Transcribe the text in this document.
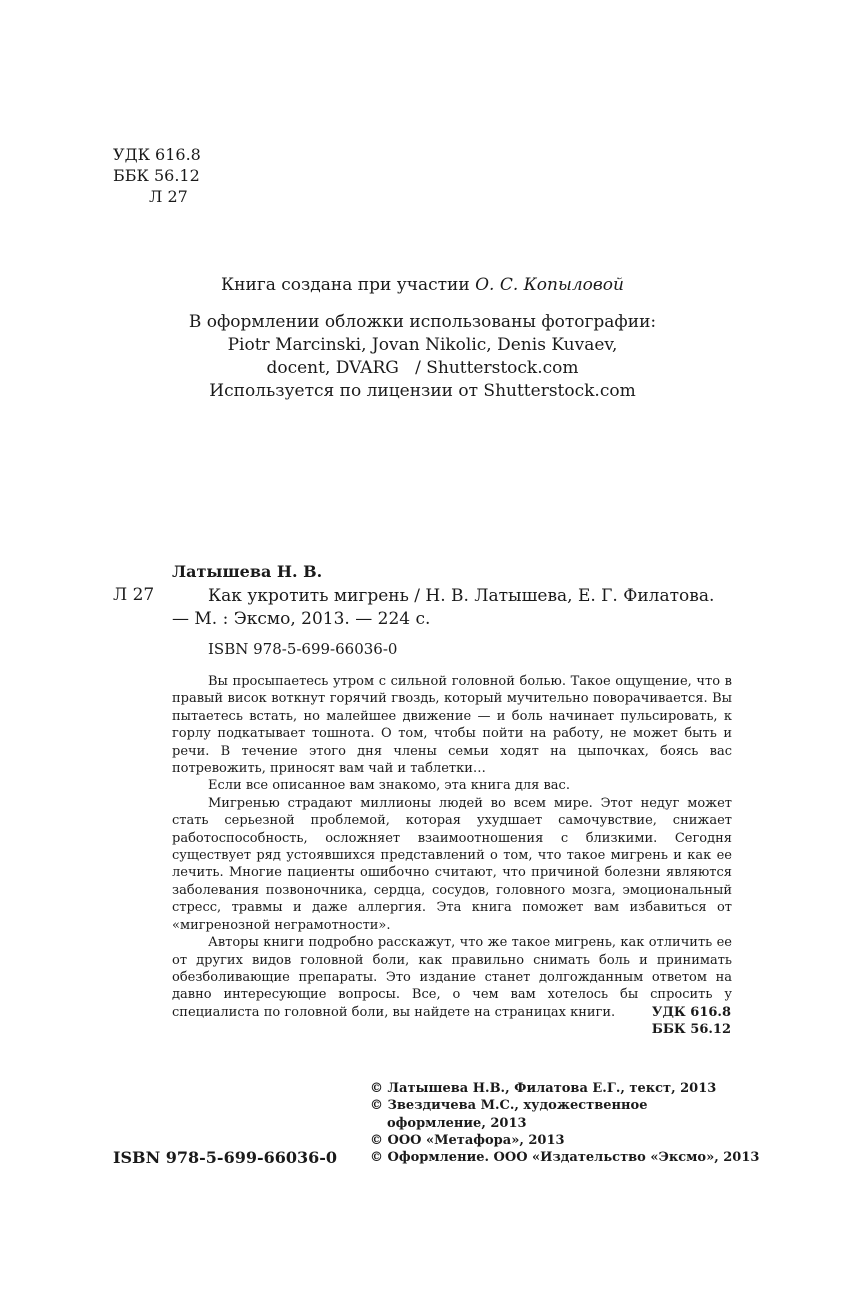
УДК 616.8
ББК 56.12
Л 27
Книга создана при участии О. С. Копыловой
В оформлении обложки использованы фотографии:
Piotr Marcinski, Jovan Nikolic, Denis Kuvaev,
docent, DVARG   / Shutterstock.com
Используется по лицензии от Shutterstock.com
Латышева Н. В.
Л 27	Как укротить мигрень / Н. В. Латышева, Е. Г. Филатова. — М. : Эксмо, 2013. — 224 с.
ISBN 978-5-699-66036-0

Вы просыпаетесь утром с сильной головной болью. Такое ощущение, что в правый висок воткнут горячий гвоздь, который мучительно поворачивается. Вы пытаетесь встать, но малейшее движение — и боль начинает пульсировать, к горлу подкатывает тошнота. О том, чтобы пойти на работу, не может быть и речи. В течение этого дня члены семьи ходят на цыпочках, боясь вас потревожить, приносят вам чай и таблетки…

Если все описанное вам знакомо, эта книга для вас.

Мигренью страдают миллионы людей во всем мире. Этот недуг может стать серьезной проблемой, которая ухудшает самочувствие, снижает работоспособность, осложняет взаимоотношения с близкими. Сегодня существует ряд устоявшихся представлений о том, что такое мигрень и как ее лечить. Многие пациенты ошибочно считают, что причиной болезни являются заболевания позвоночника, сердца, сосудов, головного мозга, эмоциональный стресс, травмы и даже аллергия. Эта книга поможет вам избавиться от «мигренозной неграмотности».

Авторы книги подробно расскажут, что же такое мигрень, как отличить ее от других видов головной боли, как правильно снимать боль и принимать обезболивающие препараты. Это издание станет долгожданным ответом на давно интересующие вопросы. Все, о чем вам хотелось бы спросить у специалиста по головной боли, вы найдете на страницах книги.	УДК 616.8
ББК 56.12
ISBN 978-5-699-66036-0
© Латышева Н.В., Филатова Е.Г., текст, 2013
© Звездичева М.С., художественное
оформление, 2013
© ООО «Метафора», 2013
© Оформление. ООО «Издательство «Эксмо», 2013
